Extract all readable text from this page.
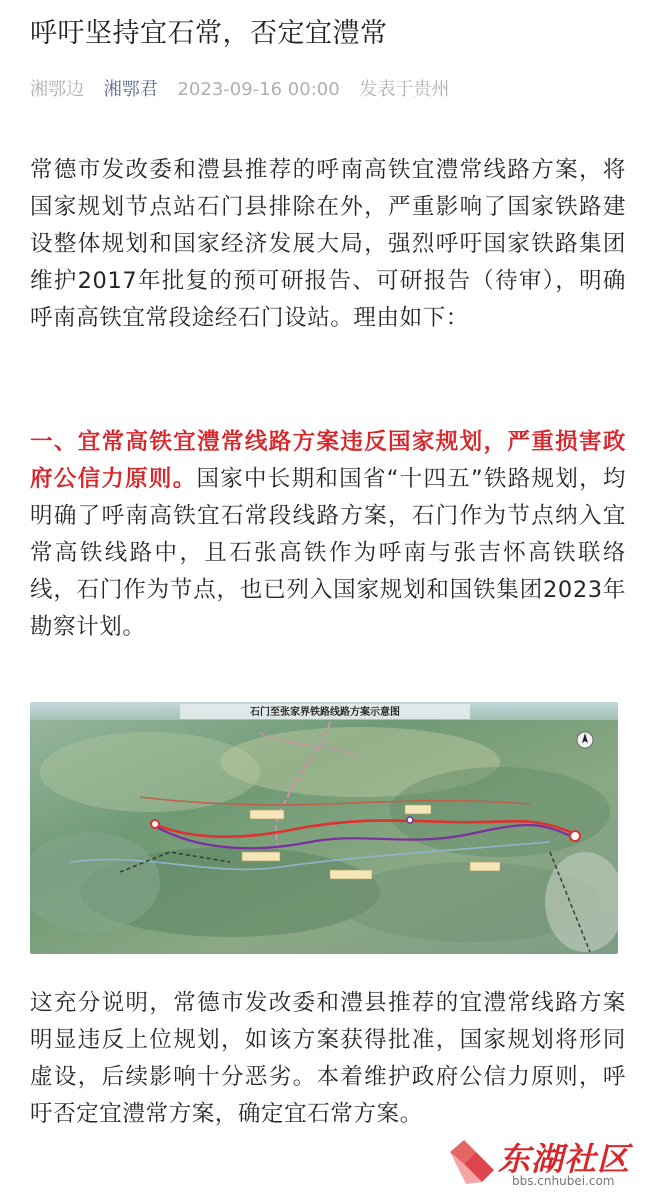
呼吁坚持宜石常，否定宜澧常
湘鄂边 湘鄂君 2023-09-16 00:00 发表于贵州
常德市发改委和澧县推荐的呼南高铁宜澧常线路方案，将国家规划节点站石门县排除在外，严重影响了国家铁路建设整体规划和国家经济发展大局，强烈呼吁国家铁路集团维护2017年批复的预可研报告、可研报告（待审），明确呼南高铁宜常段途经石门设站。理由如下：
一、宜常高铁宜澧常线路方案违反国家规划，严重损害政府公信力原则。国家中长期和国省“十四五”铁路规划，均明确了呼南高铁宜石常段线路方案，石门作为节点纳入宜常高铁线路中，且石张高铁作为呼南与张吉怀高铁联络线，石门作为节点，也已列入国家规划和国铁集团2023年勘察计划。
石门至张家界铁路线路方案示意图
这充分说明，常德市发改委和澧县推荐的宜澧常线路方案明显违反上位规划，如该方案获得批准，国家规划将形同虚设，后续影响十分恶劣。本着维护政府公信力原则，呼吁否定宜澧常方案，确定宜石常方案。
东湖社区
bbs.cnhubei.com
